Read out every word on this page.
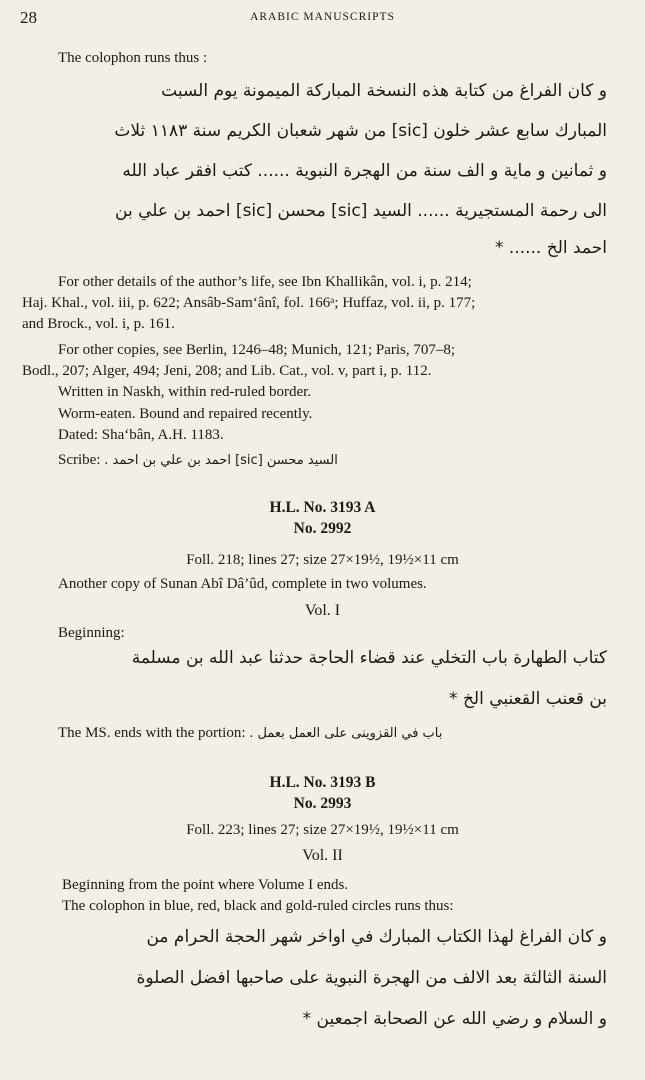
28	ARABIC MANUSCRIPTS
The colophon runs thus :
و كان الفراغ من كتابة هذه النسخة المباركة الميمونة يوم السبت
المبارك سابع عشر خلون [sic] من شهر شعبان الكريم سنة ١١٨٣ ثلاث
و ثمانين و ماية و الف سنة من الهجرة النبوية ...... كتب افقر عباد الله
الى رحمة المستجيرية ...... السيد [sic] محسن [sic] احمد بن علي بن
احمد الخ ...... *
For other details of the author’s life, see Ibn Khallikân, vol. i, p. 214;
Haj. Khal., vol. iii, p. 622; Ansâb-Sam‘ânî, fol. 166ᵃ; Huffaz, vol. ii, p. 177;
and Brock., vol. i, p. 161.
For other copies, see Berlin, 1246–48; Munich, 121; Paris, 707–8;
Bodl., 207; Alger, 494; Jeni, 208; and Lib. Cat., vol. v, part i, p. 112.
Written in Naskh, within red-ruled border.
Worm-eaten. Bound and repaired recently.
Dated: Sha‘bân, A.H. 1183.
Scribe: السيد محسن [sic] احمد بن علي بن احمد .
H.L. No. 3193 A
No. 2992
Foll. 218; lines 27; size 27×19½, 19½×11 cm
Another copy of Sunan Abî Dâ’ûd, complete in two volumes.
Vol. I
Beginning:
كتاب الطهارة باب التخلي عند قضاء الحاجة حدثنا عبد الله بن مسلمة
بن قعنب القعنبي الخ *
The MS. ends with the portion: باب في القزوينى على العمل بعمل .
H.L. No. 3193 B
No. 2993
Foll. 223; lines 27; size 27×19½, 19½×11 cm
Vol. II
Beginning from the point where Volume I ends.
The colophon in blue, red, black and gold-ruled circles runs thus:
و كان الفراغ لهذا الكتاب المبارك في اواخر شهر الحجة الحرام من
السنة الثالثة بعد الالف من الهجرة النبوية على صاحبها افضل الصلوة
و السلام و رضي الله عن الصحابة اجمعين *
